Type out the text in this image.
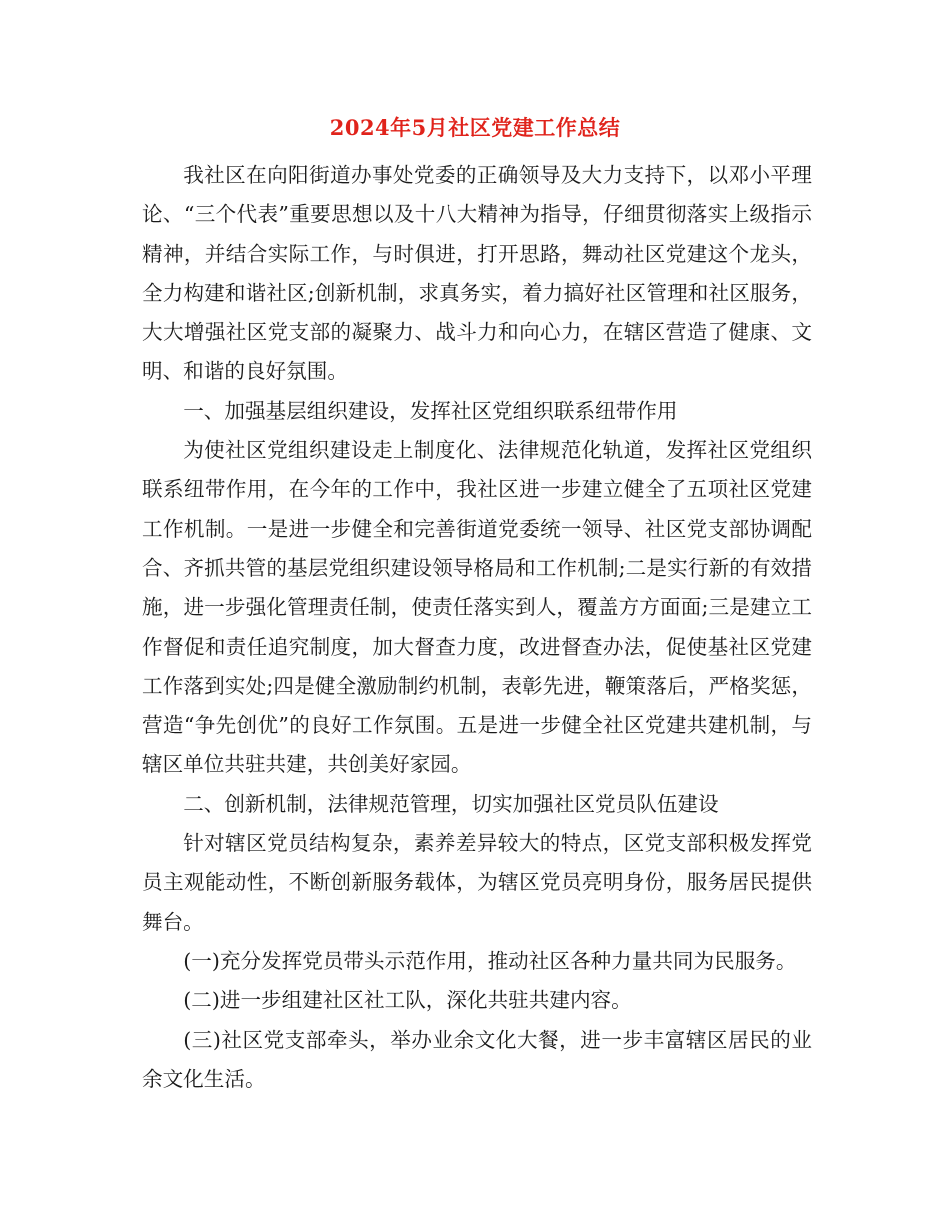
2024年5月社区党建工作总结

我社区在向阳街道办事处党委的正确领导及大力支持下，以邓小平理论、“三个代表”重要思想以及十八大精神为指导，仔细贯彻落实上级指示精神，并结合实际工作，与时俱进，打开思路，舞动社区党建这个龙头，全力构建和谐社区;创新机制，求真务实，着力搞好社区管理和社区服务，大大增强社区党支部的凝聚力、战斗力和向心力，在辖区营造了健康、文明、和谐的良好氛围。

一、加强基层组织建设，发挥社区党组织联系纽带作用

为使社区党组织建设走上制度化、法律规范化轨道，发挥社区党组织联系纽带作用，在今年的工作中，我社区进一步建立健全了五项社区党建工作机制。一是进一步健全和完善街道党委统一领导、社区党支部协调配合、齐抓共管的基层党组织建设领导格局和工作机制;二是实行新的有效措施，进一步强化管理责任制，使责任落实到人，覆盖方方面面;三是建立工作督促和责任追究制度，加大督查力度，改进督查办法，促使基社区党建工作落到实处;四是健全激励制约机制，表彰先进，鞭策落后，严格奖惩，营造“争先创优”的良好工作氛围。五是进一步健全社区党建共建机制，与辖区单位共驻共建，共创美好家园。

二、创新机制，法律规范管理，切实加强社区党员队伍建设

针对辖区党员结构复杂，素养差异较大的特点，区党支部积极发挥党员主观能动性，不断创新服务载体，为辖区党员亮明身份，服务居民提供舞台。

(一)充分发挥党员带头示范作用，推动社区各种力量共同为民服务。

(二)进一步组建社区社工队，深化共驻共建内容。

(三)社区党支部牵头，举办业余文化大餐，进一步丰富辖区居民的业余文化生活。
